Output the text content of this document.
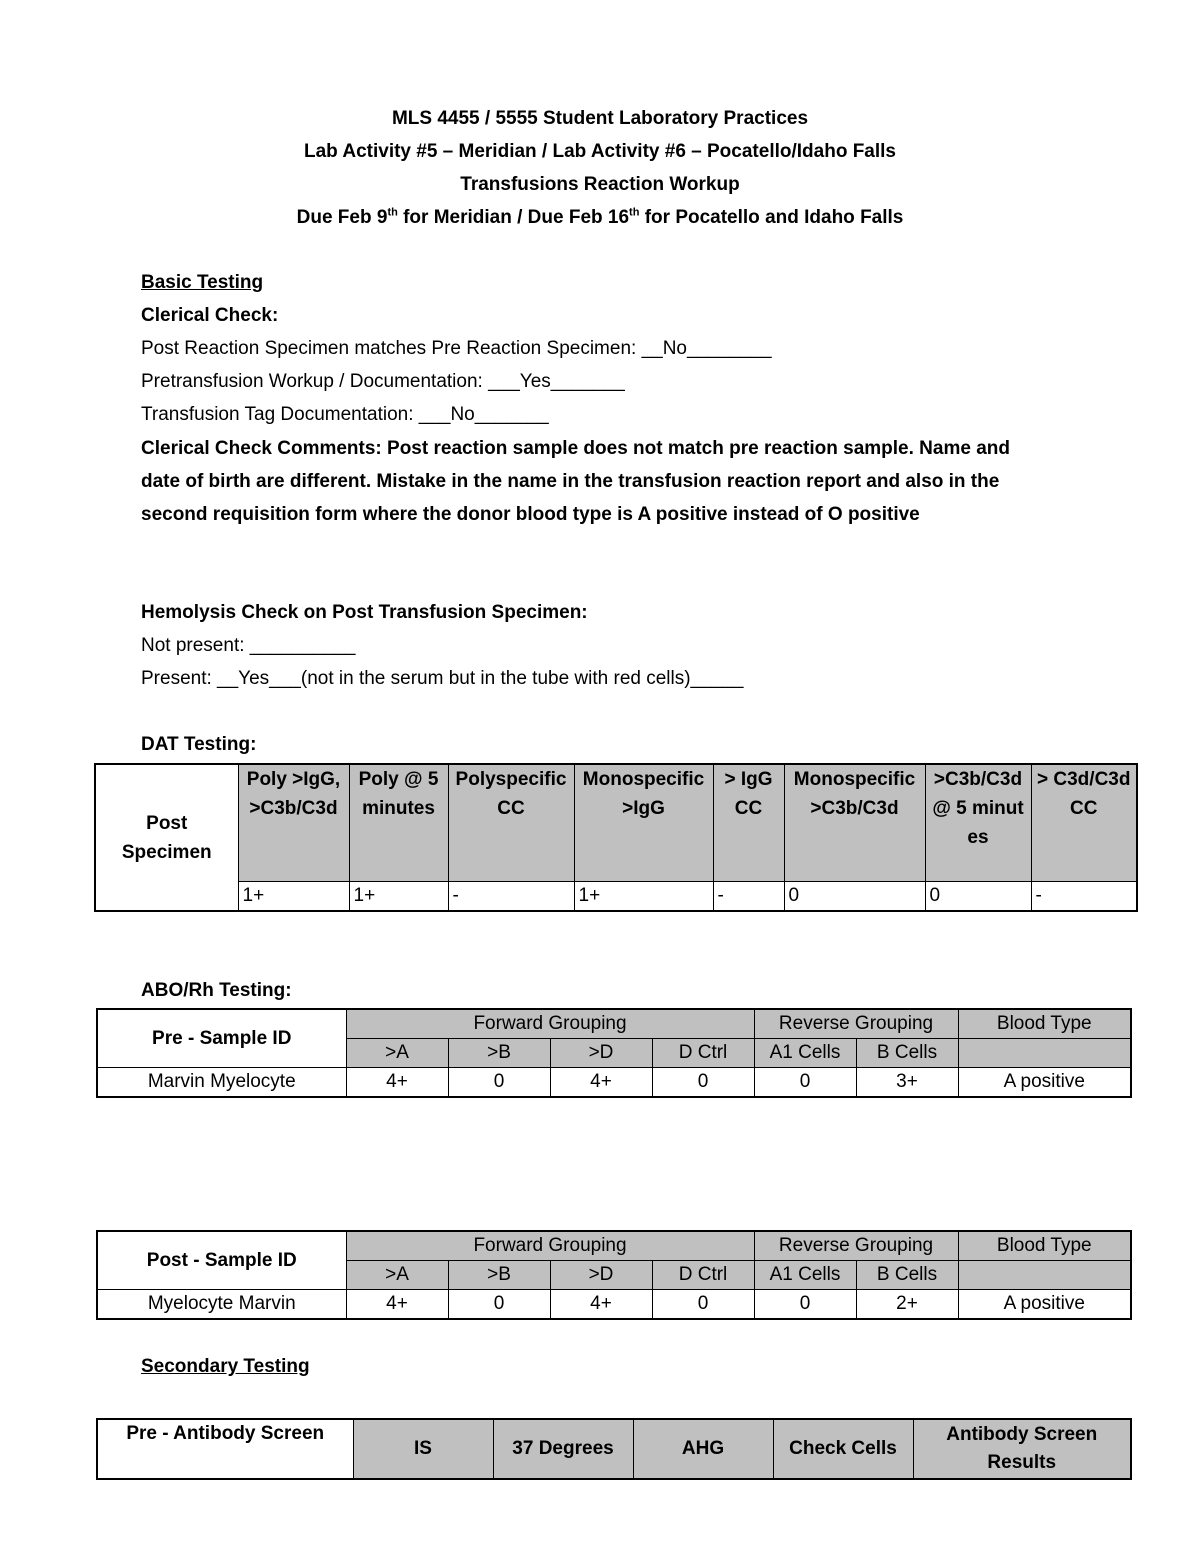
MLS 4455 / 5555 Student Laboratory Practices
Lab Activity #5 – Meridian / Lab Activity #6 – Pocatello/Idaho Falls
Transfusions Reaction Workup
Due Feb 9th for Meridian / Due Feb 16th for Pocatello and Idaho Falls
Basic Testing
Clerical Check:
Post Reaction Specimen matches Pre Reaction Specimen: __No________
Pretransfusion Workup / Documentation: ___Yes_______
Transfusion Tag Documentation: ___No_______
Clerical Check Comments: Post reaction sample does not match pre reaction sample. Name and date of birth are different. Mistake in the name in the transfusion reaction report and also in the second requisition form where the donor blood type is A positive instead of O positive
Hemolysis Check on Post Transfusion Specimen:
Not present: __________
Present: __Yes___(not in the serum but in the tube with red cells)_____
DAT Testing:
Post Specimen	Poly >IgG, >C3b/C3d	Poly @ 5 minutes	Polyspecific CC	Monospecific >IgG	> IgG CC	Monospecific >C3b/C3d	>C3b/C3d @ 5 minutes	> C3d/C3d CC
	1+	1+	-	1+	-	0	0	-
ABO/Rh Testing:
Pre - Sample ID	Forward Grouping				Reverse Grouping		Blood Type
	>A	>B	>D	D Ctrl	A1 Cells	B Cells	
Marvin Myelocyte	4+	0	4+	0	0	3+	A positive
Post - Sample ID	Forward Grouping				Reverse Grouping		Blood Type
	>A	>B	>D	D Ctrl	A1 Cells	B Cells	
Myelocyte Marvin	4+	0	4+	0	0	2+	A positive
Secondary Testing
Pre - Antibody Screen	IS	37 Degrees	AHG	Check Cells	Antibody Screen Results
